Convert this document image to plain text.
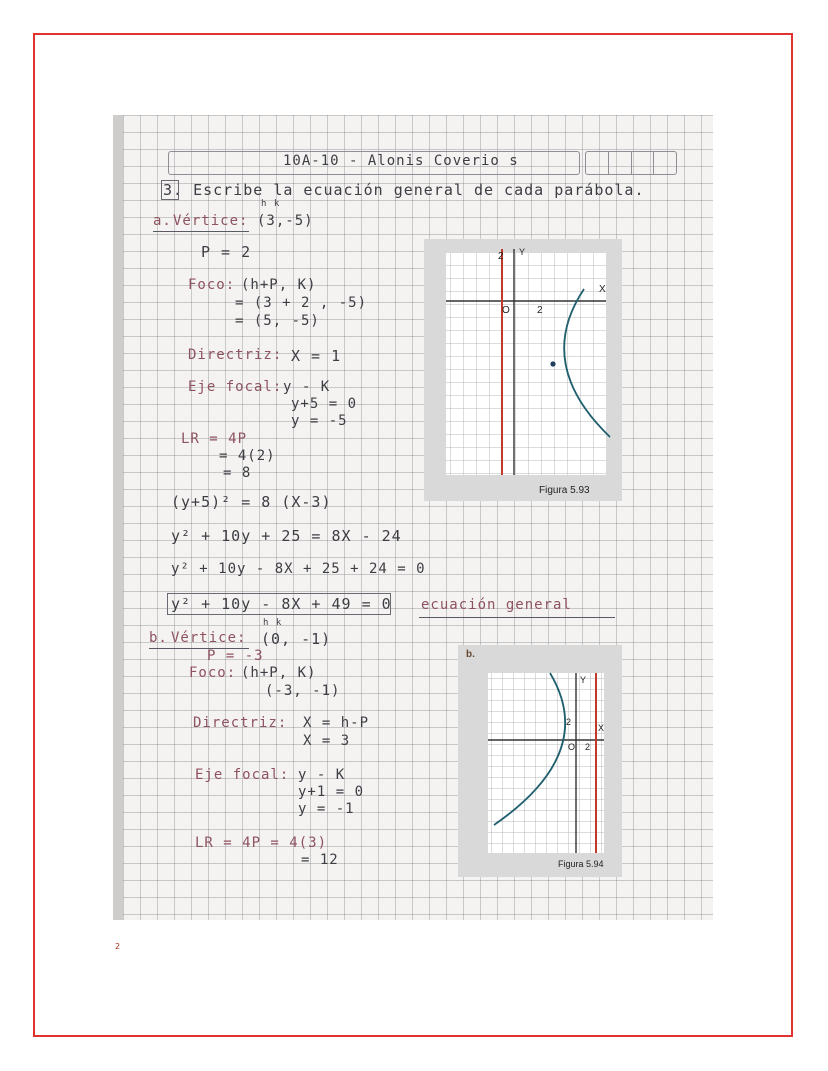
10A-10 - Alonis Coverio s
3. Escribe la ecuación general de cada parábola.
h k
a. Vértice: (3,-5)
P = 2
Foco: (h+P, K)
= (3 + 2 , -5)
= (5, -5)
Directriz: X = 1
Eje focal: y - K
y+5 = 0
y = -5
LR = 4P
= 4(2)
= 8
(y+5)² = 8 (X-3)
y² + 10y + 25 = 8X - 24
y² + 10y - 8X + 25 + 24 = 0
y² + 10y - 8X + 49 = 0 ecuación general
h k
b. Vértice: (0, -1)
P = -3
Foco: (h+P, K)
(-3, -1)
Directriz: X = h-P
X = 3
Eje focal: y - K
y+1 = 0
y = -1
LR = 4P = 4(3)
= 12
2 Y
X
O	2
Figura 5.93
b.
Y
X
2
O 2
Figura 5.94
2
